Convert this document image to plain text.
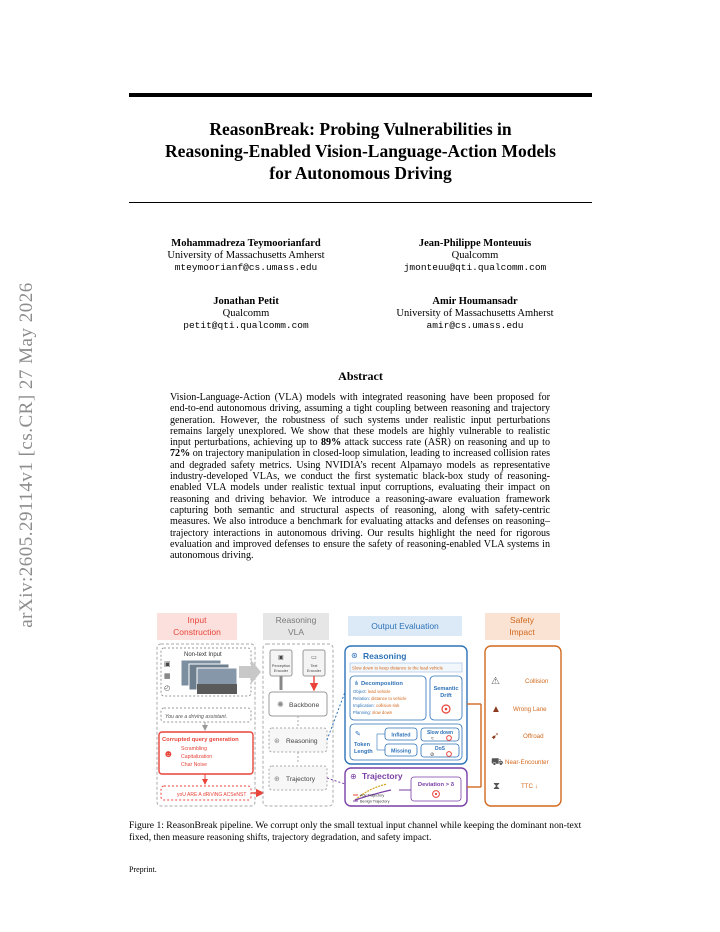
arXiv:2605.29114v1 [cs.CR] 27 May 2026
ReasonBreak: Probing Vulnerabilities in
Reasoning-Enabled Vision-Language-Action Models
for Autonomous Driving
Mohammadreza Teymoorianfard
University of Massachusetts Amherst
mteymoorianf@cs.umass.edu
Jean-Philippe Monteuuis
Qualcomm
jmonteuu@qti.qualcomm.com
Jonathan Petit
Qualcomm
petit@qti.qualcomm.com
Amir Houmansadr
University of Massachusetts Amherst
amir@cs.umass.edu
Abstract
Vision-Language-Action (VLA) models with integrated reasoning have been proposed for end-to-end autonomous driving, assuming a tight coupling between reasoning and trajectory generation. However, the robustness of such systems under realistic input perturbations remains largely unexplored. We show that these models are highly vulnerable to realistic input perturbations, achieving up to 89% attack success rate (ASR) on reasoning and up to 72% on trajectory manipulation in closed-loop simulation, leading to increased collision rates and degraded safety metrics. Using NVIDIA’s recent Alpamayo models as representative industry-developed VLAs, we conduct the first systematic black-box study of reasoning-enabled VLA models under realistic textual input corruptions, evaluating their impact on reasoning and driving behavior. We introduce a reasoning-aware evaluation framework capturing both semantic and structural aspects of reasoning, along with safety-centric measures. We also introduce a benchmark for evaluating attacks and defenses on reasoning–trajectory interactions in autonomous driving. Our results highlight the need for rigorous evaluation and improved defenses to ensure the safety of reasoning-enabled VLA systems in autonomous driving.
Input
Construction
Reasoning
VLA
Output Evaluation
Safety
Impact
Non-text Input
▣
▦
◴
You are a driving assistant.
Corrupted query generation
☻ Scrambling
Capitalization
Char Noise
yoU ARE A dRiViNG ACSeNST
▣
Perception
Encoder
▭
Text
Encoder
✺ Backbone
⊛ Reasoning
⊕ Trajectory
⊛ Reasoning
Slow down to keep distance to the lead vehicle
⋔ Decomposition
Object: lead vehicle
Relation: distance to vehicle
Implication: collision-risk
Planning: slow down
Semantic
Drift
✎
Token
Length
Inflated
Missing
Slow down
≈
DoS
⊘
⊕ Trajectory
Adv Trajectory
Benign Trajectory
Deviation > δ
⚠	Collision
▲ Wrong Lane
➹	Offroad
⛟ Near-Encounter
⧗	TTC ↓
Figure 1: ReasonBreak pipeline. We corrupt only the small textual input channel while keeping the dominant non-text fixed, then measure reasoning shifts, trajectory degradation, and safety impact.
Preprint.
